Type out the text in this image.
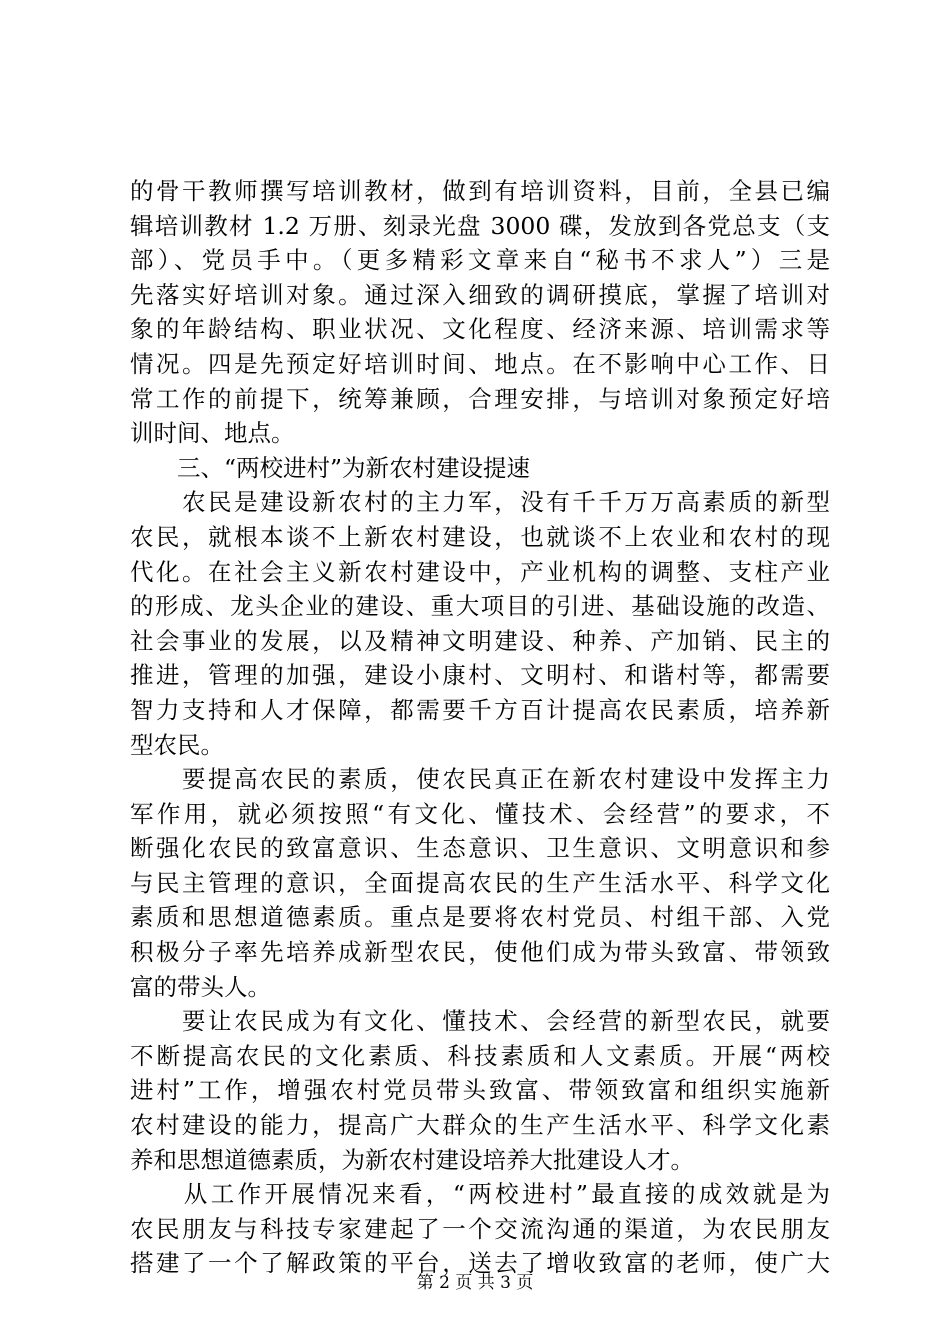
的骨干教师撰写培训教材，做到有培训资料，目前，全县已编
辑培训教材 1.2 万册、刻录光盘 3000 碟，发放到各党总支（支
部）、党员手中。（更多精彩文章来自“秘书不求人”）三是
先落实好培训对象。通过深入细致的调研摸底，掌握了培训对
象的年龄结构、职业状况、文化程度、经济来源、培训需求等
情况。四是先预定好培训时间、地点。在不影响中心工作、日
常工作的前提下，统筹兼顾，合理安排，与培训对象预定好培
训时间、地点。
　　三、“两校进村”为新农村建设提速
　　农民是建设新农村的主力军，没有千千万万高素质的新型
农民，就根本谈不上新农村建设，也就谈不上农业和农村的现
代化。在社会主义新农村建设中，产业机构的调整、支柱产业
的形成、龙头企业的建设、重大项目的引进、基础设施的改造、
社会事业的发展，以及精神文明建设、种养、产加销、民主的
推进，管理的加强，建设小康村、文明村、和谐村等，都需要
智力支持和人才保障，都需要千方百计提高农民素质，培养新
型农民。
　　要提高农民的素质，使农民真正在新农村建设中发挥主力
军作用，就必须按照“有文化、懂技术、会经营”的要求，不
断强化农民的致富意识、生态意识、卫生意识、文明意识和参
与民主管理的意识，全面提高农民的生产生活水平、科学文化
素质和思想道德素质。重点是要将农村党员、村组干部、入党
积极分子率先培养成新型农民，使他们成为带头致富、带领致
富的带头人。
　　要让农民成为有文化、懂技术、会经营的新型农民，就要
不断提高农民的文化素质、科技素质和人文素质。开展“两校
进村”工作，增强农村党员带头致富、带领致富和组织实施新
农村建设的能力，提高广大群众的生产生活水平、科学文化素
养和思想道德素质，为新农村建设培养大批建设人才。
　　从工作开展情况来看，“两校进村”最直接的成效就是为
农民朋友与科技专家建起了一个交流沟通的渠道，为农民朋友
搭建了一个了解政策的平台，送去了增收致富的老师，使广大
第 2 页 共 3 页
